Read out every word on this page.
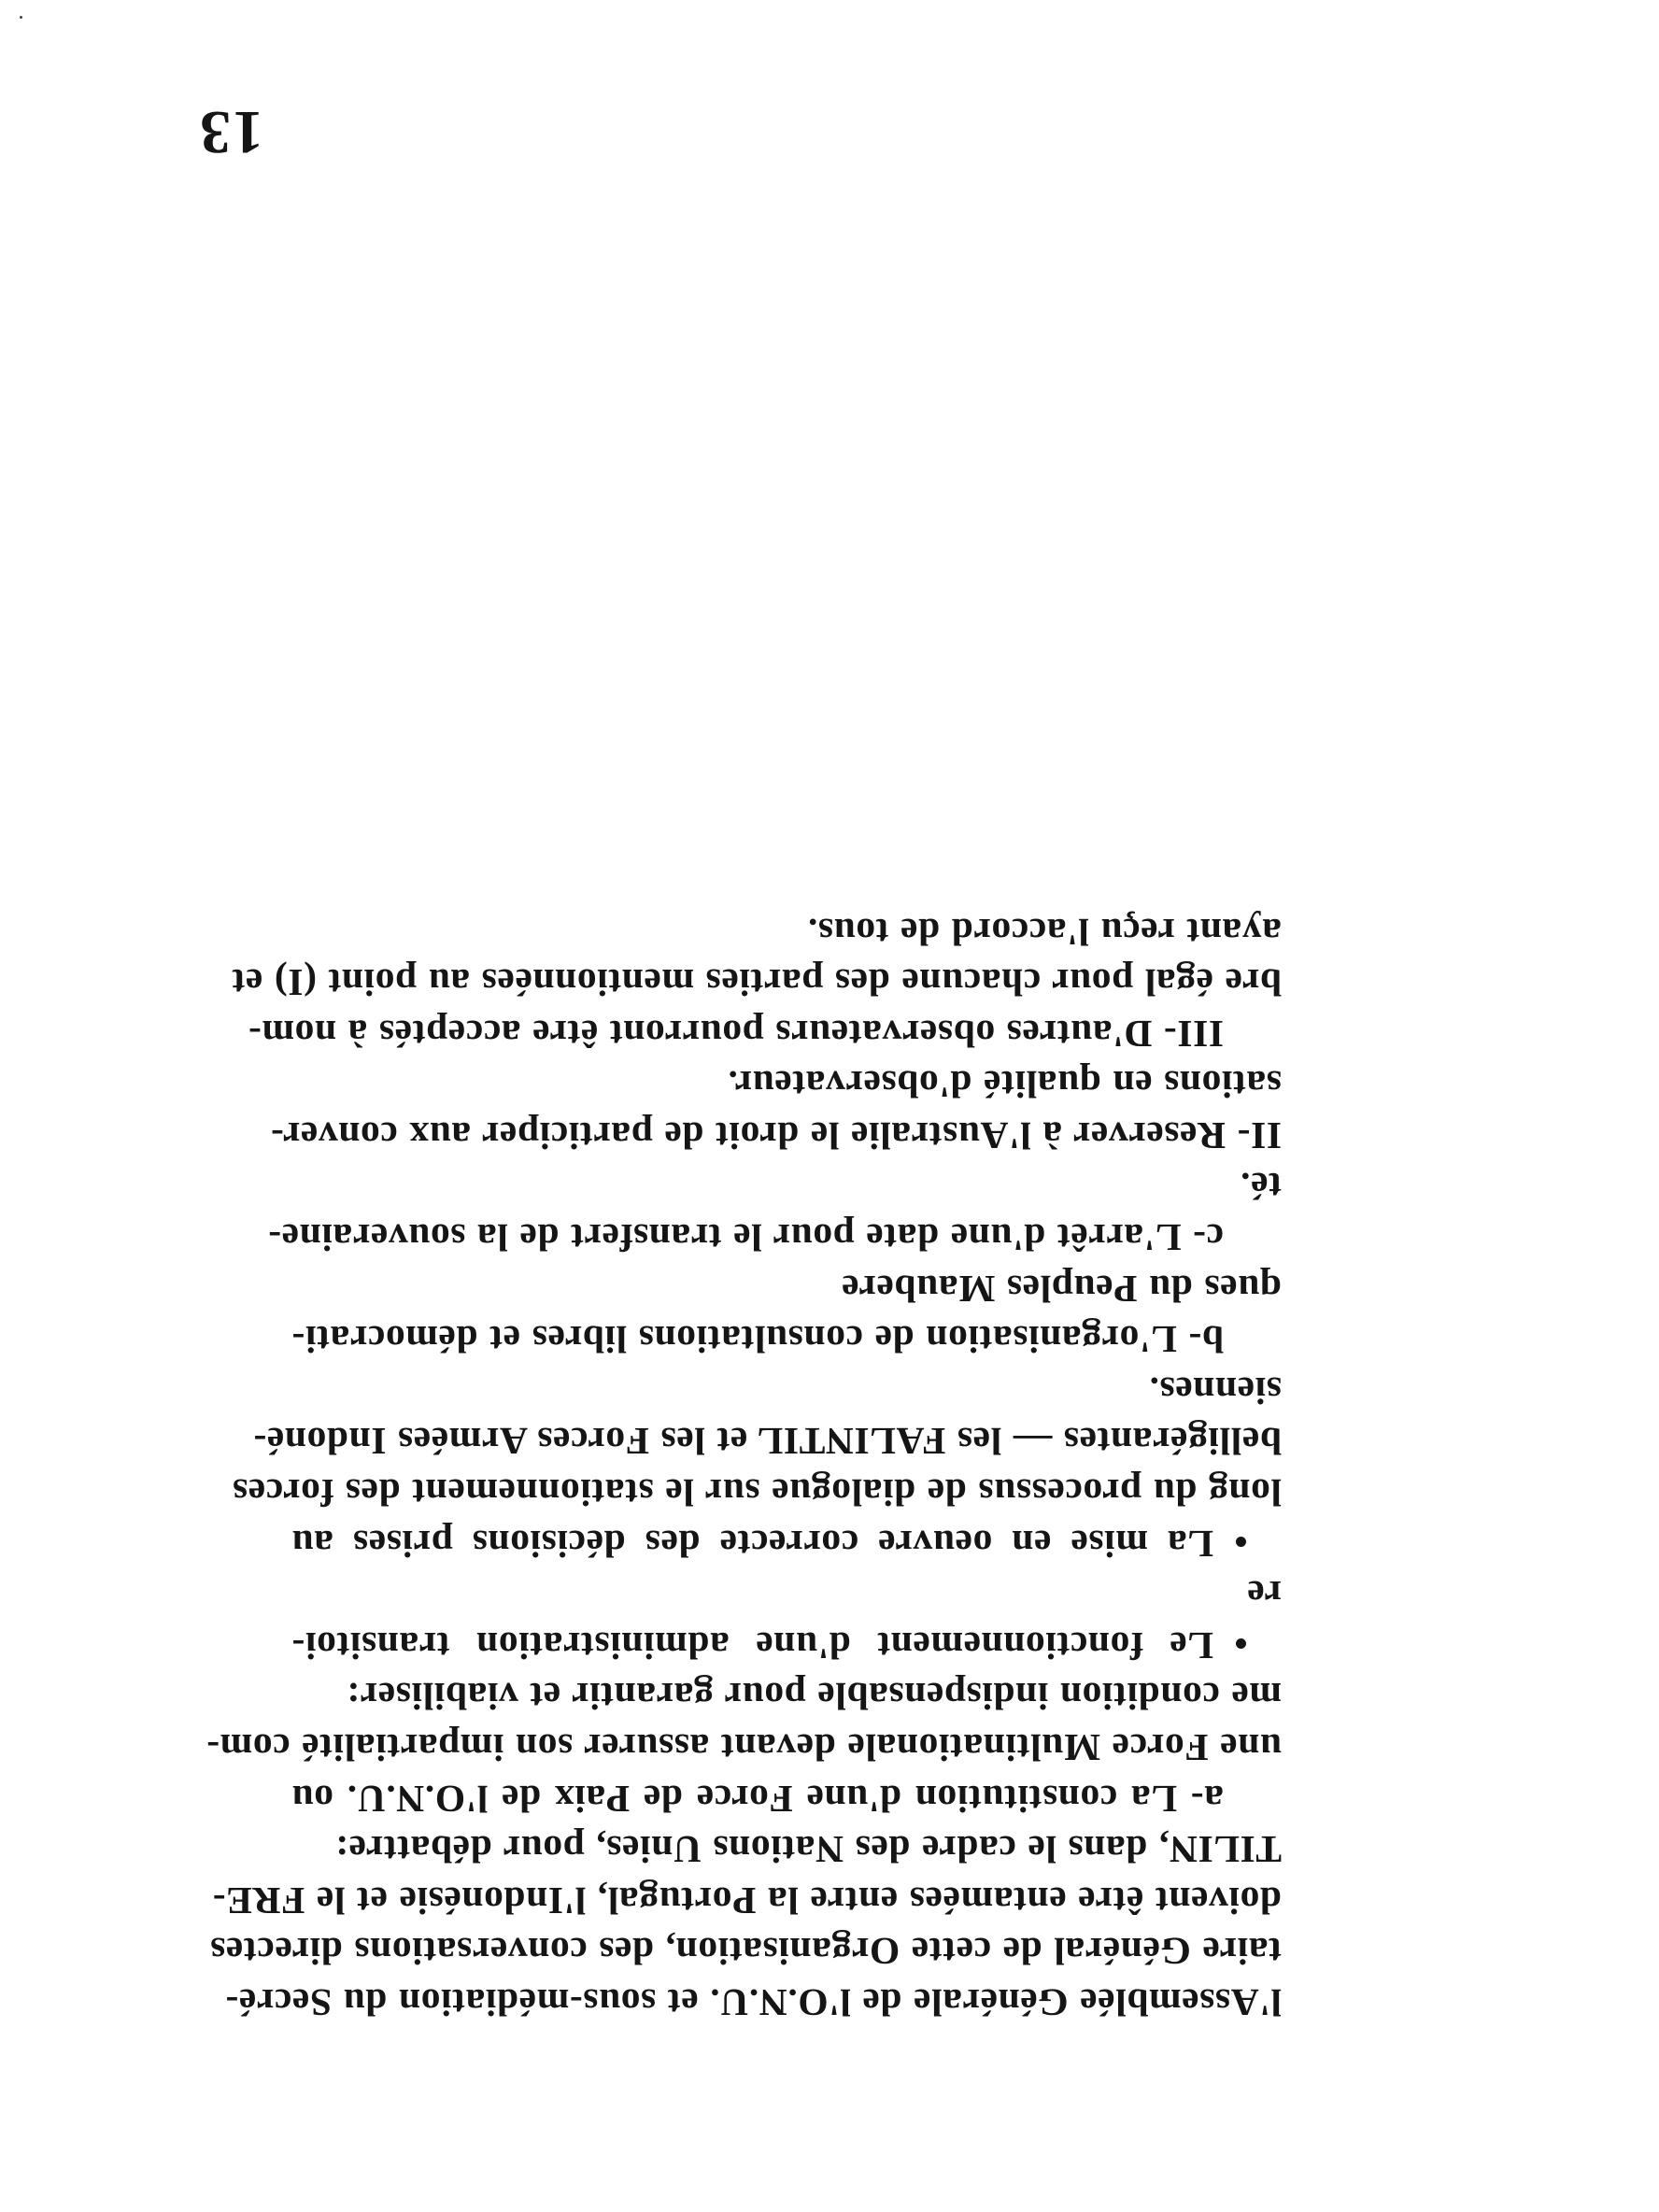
13
l'Assemblée Générale de l'O.N.U. et sous-médiation du Secré-
taire Général de cette Organisation, des conversations directes
doivent être entamées entre la Portugal, l'Indonésie et le FRE-
TILIN, dans le cadre des Nations Unies, pour débattre:
a- La constitution d'une Force de Paix de l'O.N.U. ou
une Force Multinationale devant assurer son impartialité com-
me condition indispensable pour garantir et viabiliser:
Le fonctionnement d'une administration transitoi-
re
La mise en oeuvre correcte des décisions prises au
long du processus de dialogue sur le stationnement des forces
belligérantes — les FALINTIL et les Forces Armées Indoné-
siennes.
b- L'organisation de consultations libres et démocrati-
ques du Peuples Maubere
c- L'arrêt d'une date pour le transfert de la souveraine-
té.
II- Reserver à l'Australie le droit de participer aux conver-
sations en qualité d'observateur.
III- D'autres observateurs pourront être acceptés à nom-
bre égal pour chacune des parties mentionnées au point (I) et
ayant reçu l'accord de tous.
